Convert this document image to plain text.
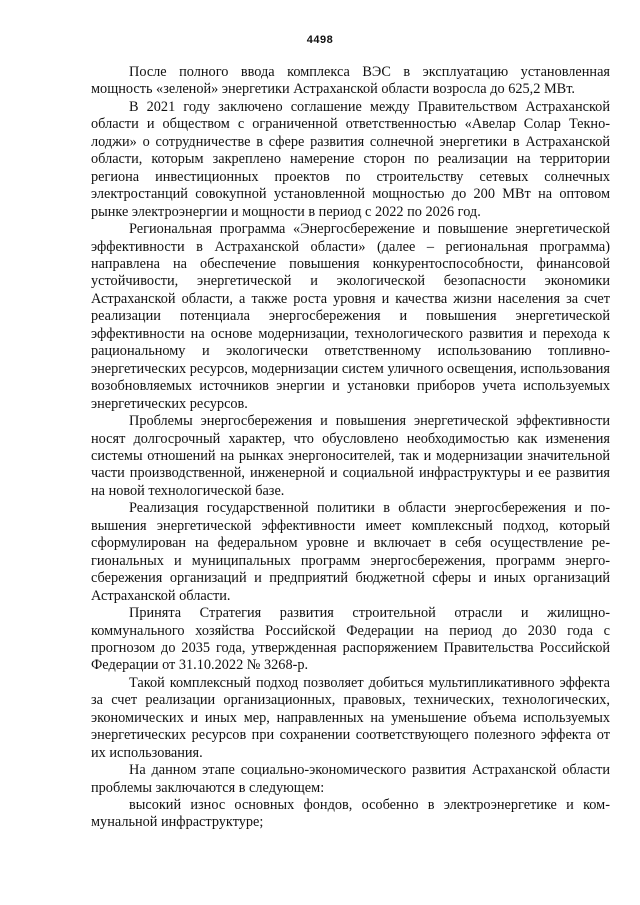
4498

После полного ввода комплекса ВЭС в эксплуатацию установленная мощность «зеленой» энергетики Астраханской области возросла до 625,2 МВт.

В 2021 году заключено соглашение между Правительством Астраханской области и обществом с ограниченной ответственностью «Авелар Солар Текнолоджи» о сотрудничестве в сфере развития солнечной энергетики в Астраханской области, которым закреплено намерение сторон по реализации на территории региона инвестиционных проектов по строительству сетевых солнечных электростанций совокупной установленной мощностью до 200 МВт на оптовом рынке электроэнергии и мощности в период с 2022 по 2026 год.

Региональная программа «Энергосбережение и повышение энергетической эффективности в Астраханской области» (далее – региональная программа) направлена на обеспечение повышения конкурентоспособности, финансовой устойчивости, энергетической и экологической безопасности экономики Астраханской области, а также роста уровня и качества жизни населения за счет реализации потенциала энергосбережения и повышения энергетической эффективности на основе модернизации, технологического развития и перехода к рациональному и экологически ответственному использованию топливно-энергетических ресурсов, модернизации систем уличного освещения, использования возобновляемых источников энергии и установки приборов учета используемых энергетических ресурсов.

Проблемы энергосбережения и повышения энергетической эффективности носят долгосрочный характер, что обусловлено необходимостью как изменения системы отношений на рынках энергоносителей, так и модернизации значительной части производственной, инженерной и социальной инфраструктуры и ее развития на новой технологической базе.

Реализация государственной политики в области энергосбережения и повышения энергетической эффективности имеет комплексный подход, который сформулирован на федеральном уровне и включает в себя осуществление региональных и муниципальных программ энергосбережения, программ энергосбережения организаций и предприятий бюджетной сферы и иных организаций Астраханской области.

Принята Стратегия развития строительной отрасли и жилищно-коммунального хозяйства Российской Федерации на период до 2030 года с прогнозом до 2035 года, утвержденная распоряжением Правительства Российской Федерации от 31.10.2022 № 3268-р.

Такой комплексный подход позволяет добиться мультипликативного эффекта за счет реализации организационных, правовых, технических, технологических, экономических и иных мер, направленных на уменьшение объема используемых энергетических ресурсов при сохранении соответствующего полезного эффекта от их использования.

На данном этапе социально-экономического развития Астраханской области проблемы заключаются в следующем:

высокий износ основных фондов, особенно в электроэнергетике и коммунальной инфраструктуре;
